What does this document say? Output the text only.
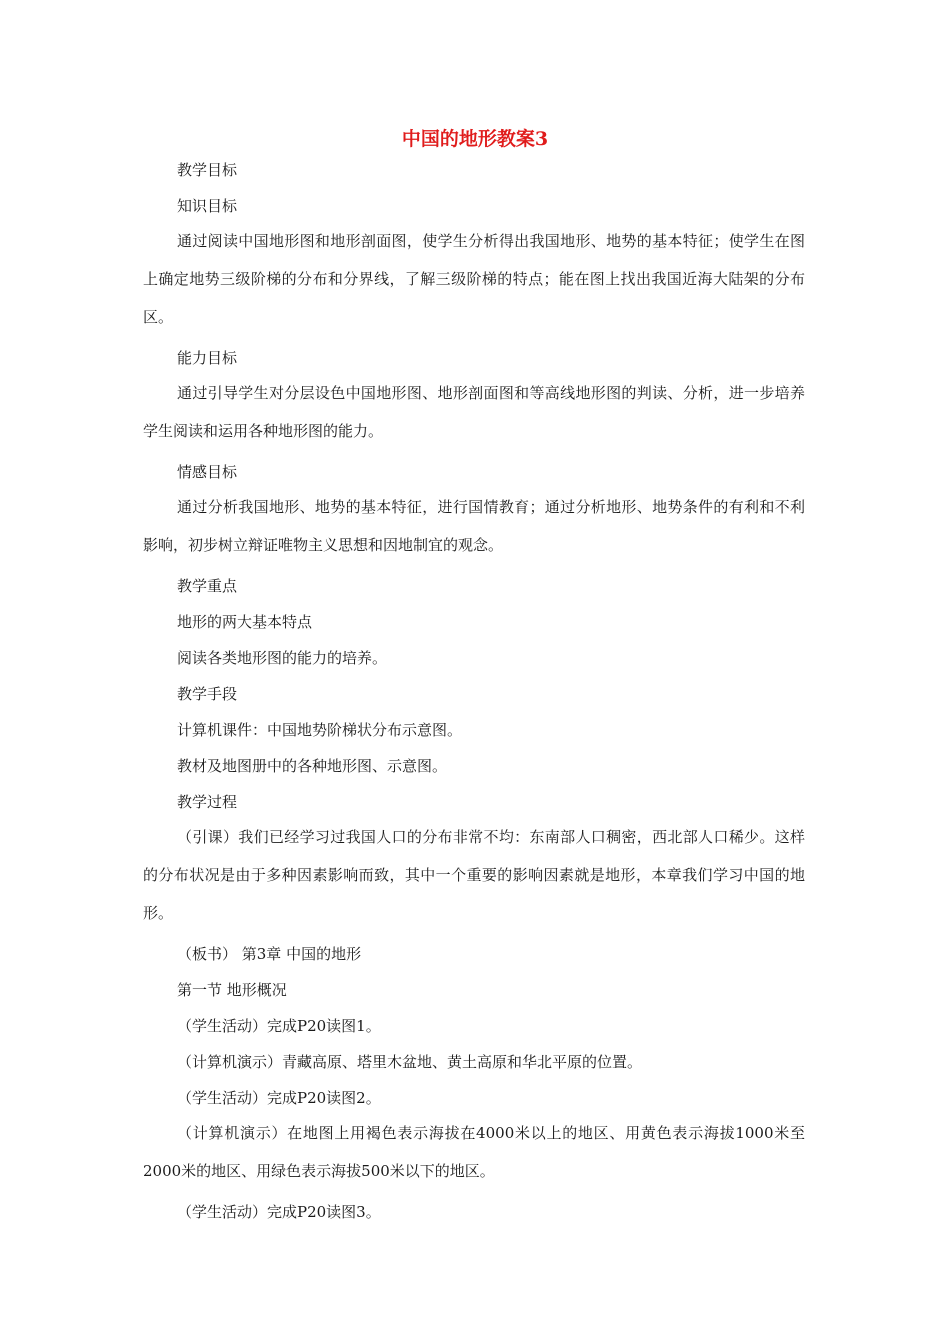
中国的地形教案3

教学目标

知识目标

通过阅读中国地形图和地形剖面图，使学生分析得出我国地形、地势的基本特征；使学生在图上确定地势三级阶梯的分布和分界线，了解三级阶梯的特点；能在图上找出我国近海大陆架的分布区。

能力目标

通过引导学生对分层设色中国地形图、地形剖面图和等高线地形图的判读、分析，进一步培养学生阅读和运用各种地形图的能力。

情感目标

通过分析我国地形、地势的基本特征，进行国情教育；通过分析地形、地势条件的有利和不利影响，初步树立辩证唯物主义思想和因地制宜的观念。

教学重点

地形的两大基本特点

阅读各类地形图的能力的培养。

教学手段

计算机课件：中国地势阶梯状分布示意图。

教材及地图册中的各种地形图、示意图。

教学过程

（引课）我们已经学习过我国人口的分布非常不均：东南部人口稠密，西北部人口稀少。这样的分布状况是由于多种因素影响而致，其中一个重要的影响因素就是地形，本章我们学习中国的地形。

（板书） 第3章 中国的地形

第一节 地形概况

（学生活动）完成P20读图1。

（计算机演示）青藏高原、塔里木盆地、黄土高原和华北平原的位置。

（学生活动）完成P20读图2。

（计算机演示）在地图上用褐色表示海拔在4000米以上的地区、用黄色表示海拔1000米至2000米的地区、用绿色表示海拔500米以下的地区。

（学生活动）完成P20读图3。
